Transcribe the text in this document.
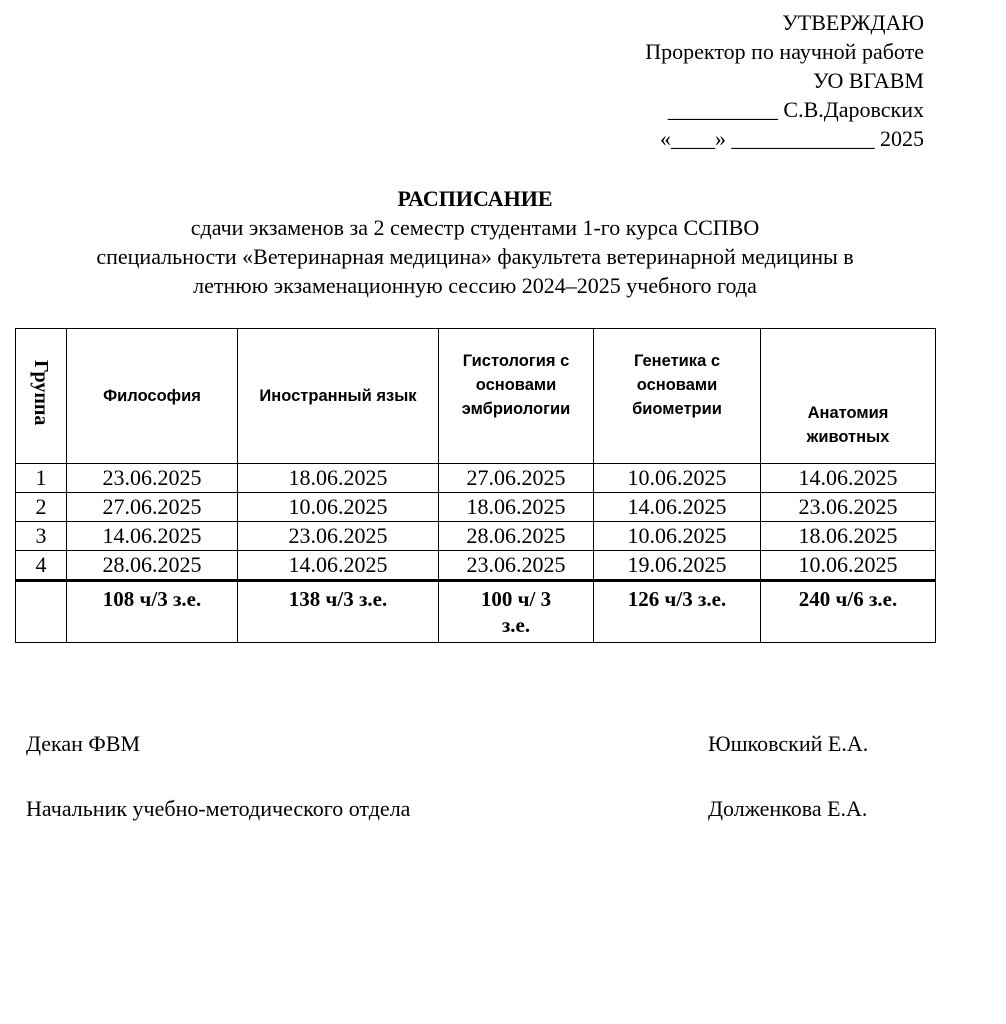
УТВЕРЖДАЮ
Проректор по научной работе
УО ВГАВМ
__________ С.В.Даровских
«____» _____________ 2025
РАСПИСАНИЕ
сдачи экзаменов за 2 семестр студентами 1-го курса ССПВО
специальности «Ветеринарная медицина» факультета ветеринарной медицины в
летнюю экзаменационную сессию 2024–2025 учебного года
Группа	Философия	Иностранный язык	Гистология с основами эмбриологии	Генетика с основами биометрии	Анатомия животных
1	23.06.2025	18.06.2025	27.06.2025	10.06.2025	14.06.2025
2	27.06.2025	10.06.2025	18.06.2025	14.06.2025	23.06.2025
3	14.06.2025	23.06.2025	28.06.2025	10.06.2025	18.06.2025
4	28.06.2025	14.06.2025	23.06.2025	19.06.2025	10.06.2025
	108 ч/3 з.е.	138 ч/3 з.е.	100 ч/ 3 з.е.	126 ч/3 з.е.	240 ч/6 з.е.
Декан ФВМ	Юшковский Е.А.
Начальник учебно-методического отдела	Долженкова Е.А.
